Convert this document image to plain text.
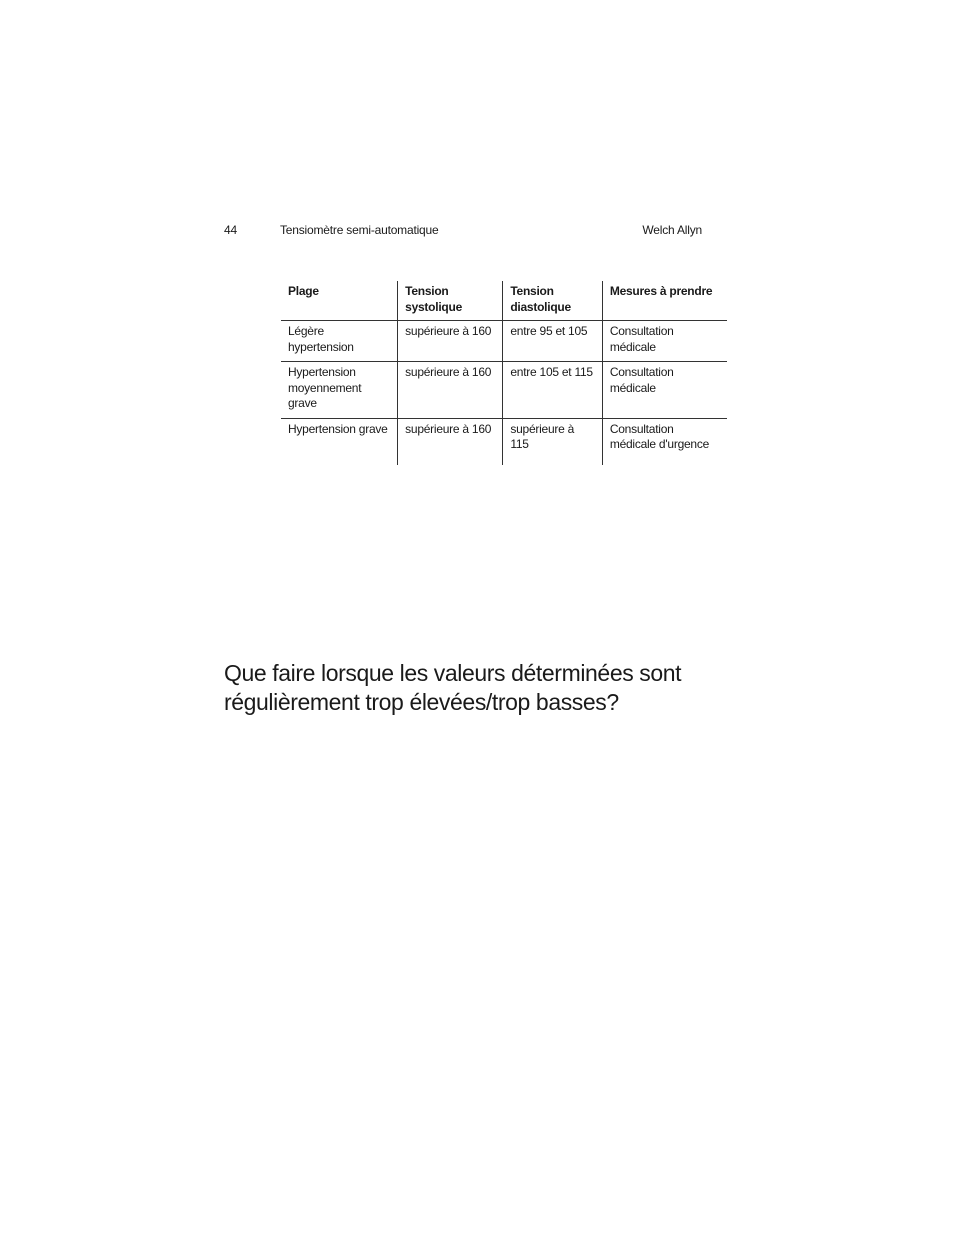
44	Tensiomètre semi-automatique	Welch Allyn
Plage	Tension systolique	Tension diastolique	Mesures à prendre
Légère hypertension	supérieure à 160	entre 95 et 105	Consultation médicale
Hypertension moyennement grave	supérieure à 160	entre 105 et 115	Consultation médicale
Hypertension grave	supérieure à 160	supérieure à 115	Consultation médicale d'urgence
Que faire lorsque les valeurs déterminées sont régulièrement trop élevées/trop basses?
